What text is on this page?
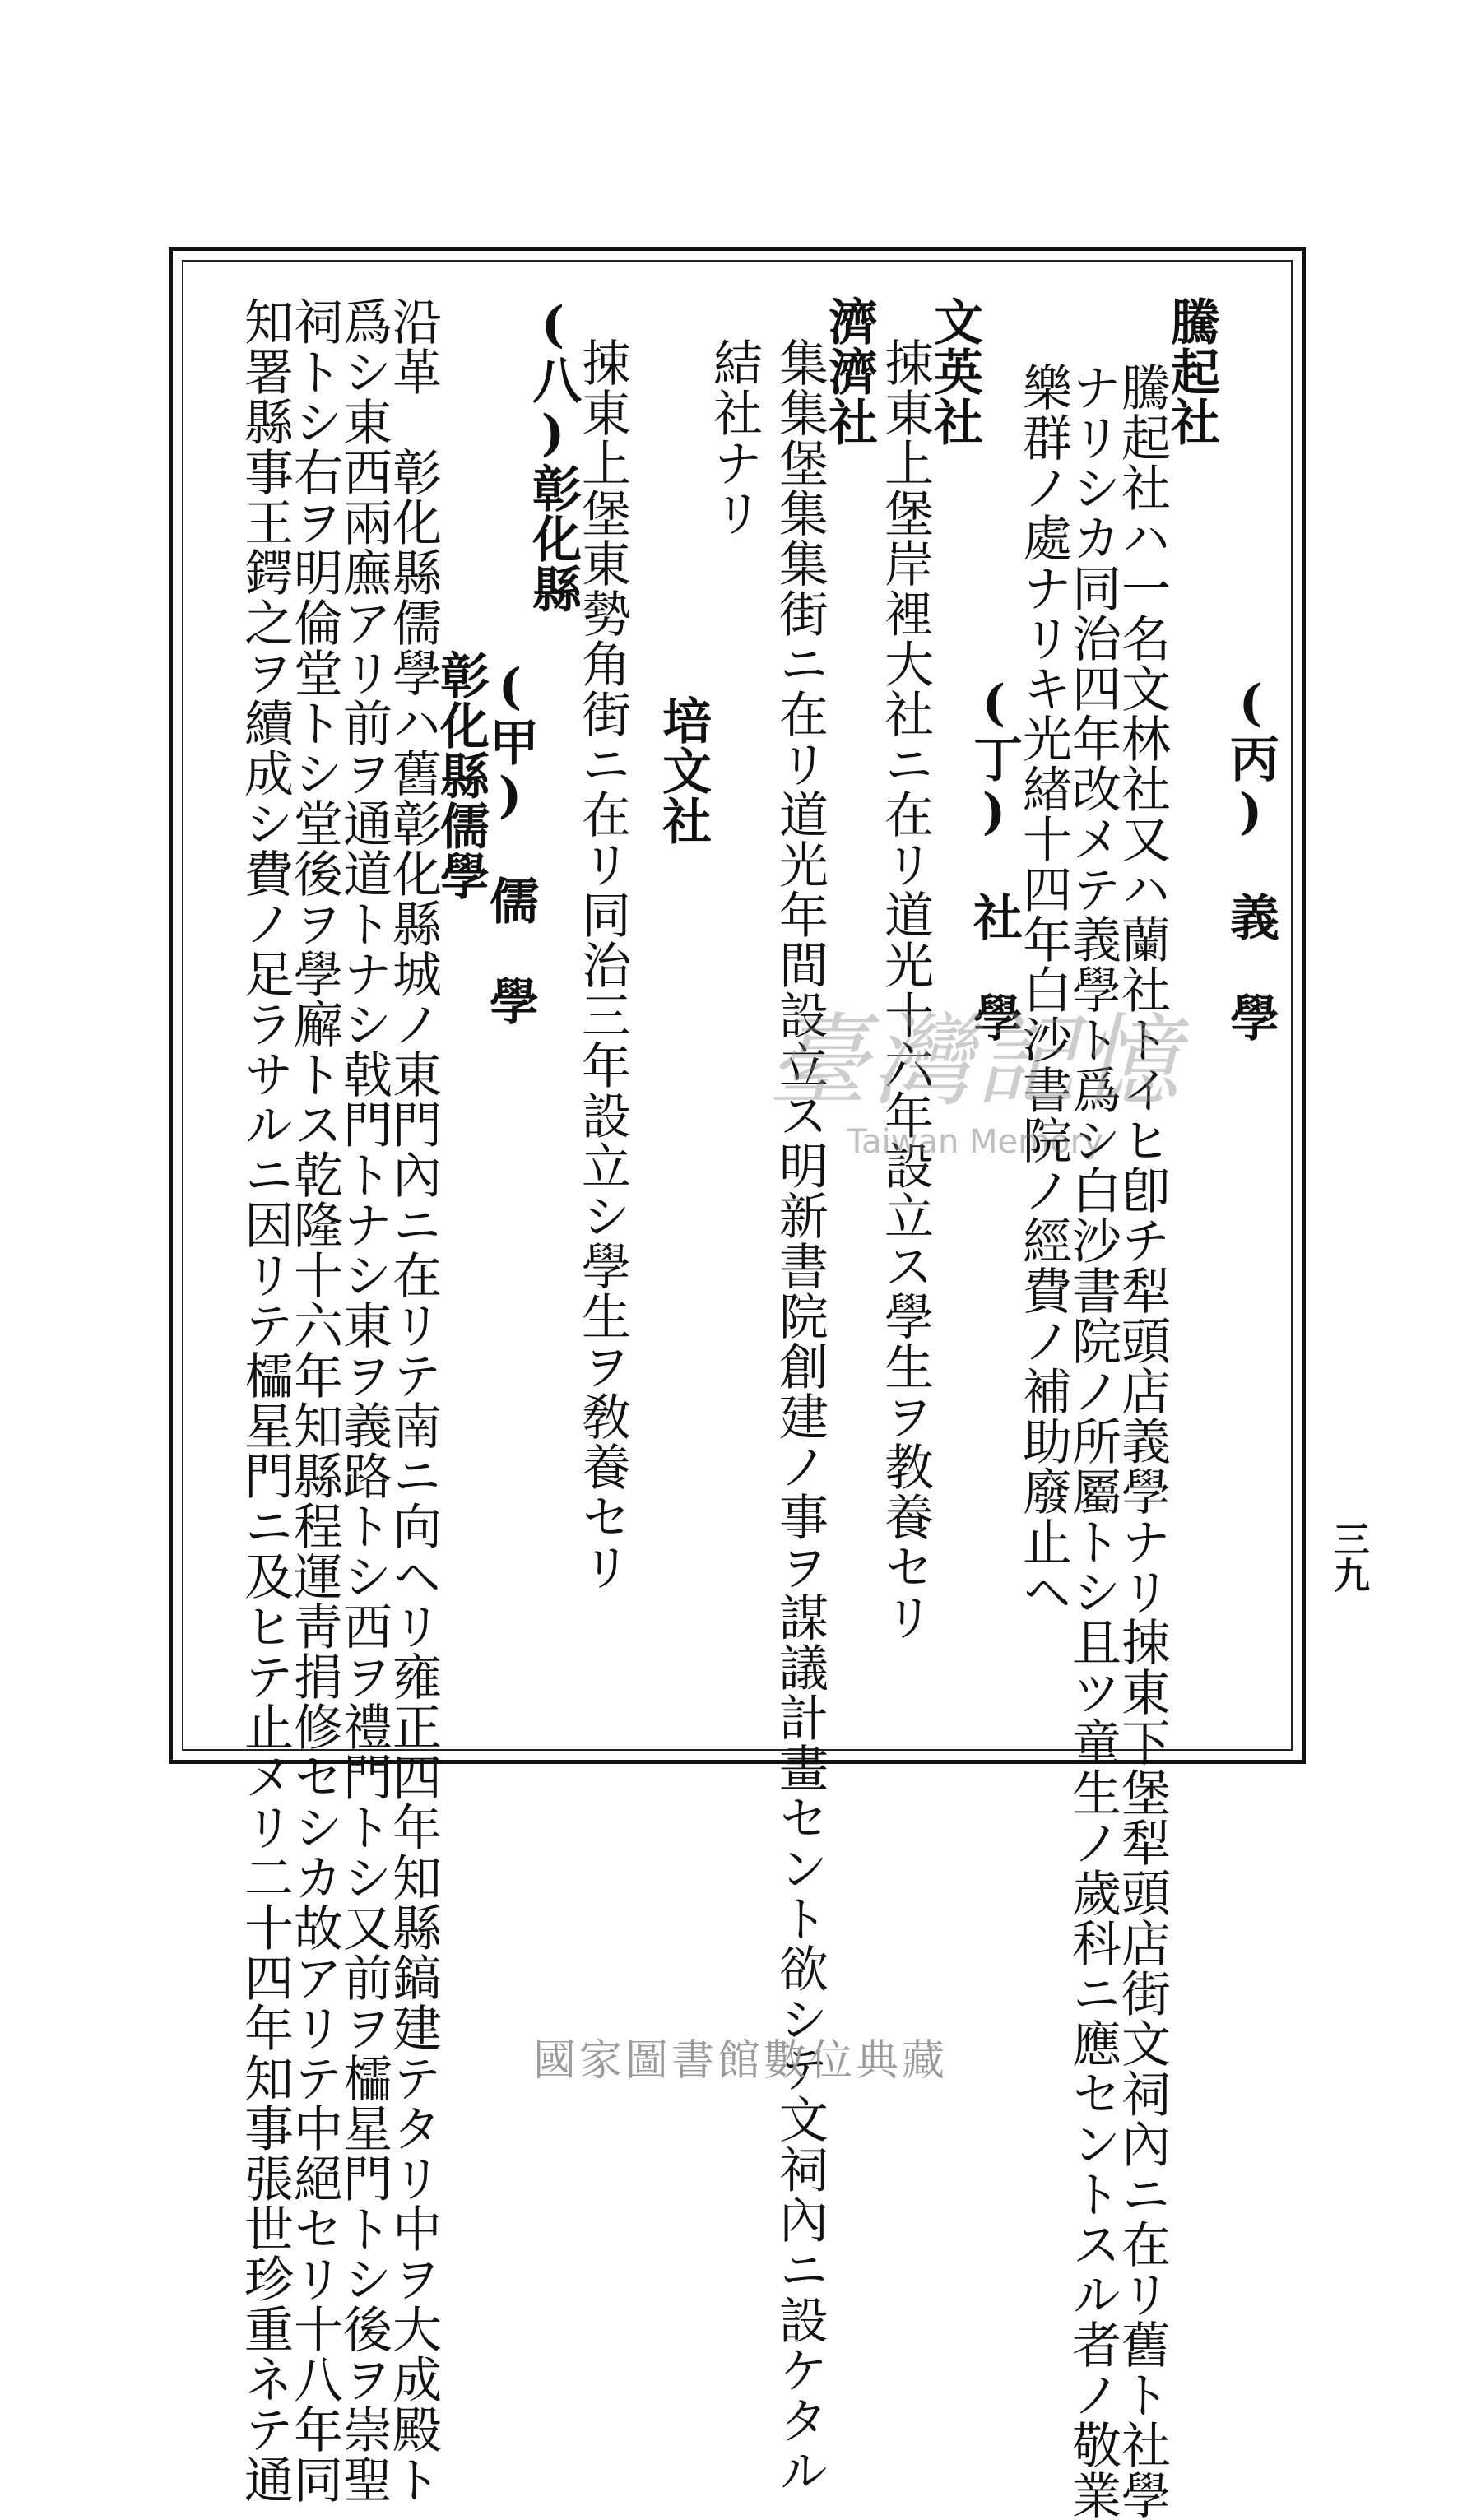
騰起社
騰起社ハ一名文林社又ハ蘭社トイヒ卽チ犁頭店義學ナリ捒東下堡犁頭店街文祠內ニ在リ舊ト社學
ナリシカ同治四年改メテ義學ト爲シ白沙書院ノ所屬トシ且ツ童生ノ歲科ニ應セントスル者ノ敬業
樂群ノ處ナリキ光緖十四年白沙書院ノ經費ノ補助廢止ヘ
文英社
捒東上堡岸裡大社ニ在リ道光十六年設立ス學生ヲ教養セリ
濟濟社
集集堡集集街ニ在リ道光年間設立ス明新書院創建ノ事ヲ謀議計畫セント欲シテ文祠內ニ設ケタル
結社ナリ
捒東上堡東勢角街ニ在リ同治三年設立シ學生ヲ敎養セリ
(八)彰化縣
沿革　彰化縣儒學ハ舊彰化縣城ノ東門內ニ在リテ南ニ向ヘリ雍正四年知縣鎬建テタリ中ヲ大成殿ト
爲シ東西兩廡アリ前ヲ通道トナシ戟門トナシ東ヲ義路トシ西ヲ禮門トシ又前ヲ櫺星門トシ後ヲ崇聖
祠トシ右ヲ明倫堂トシ堂後ヲ學廨トス乾隆十六年知縣程運靑捐修セシカ故アリテ中絕セリ十八年同
知署縣事王鍔之ヲ續成シ費ノ足ラサルニ因リテ櫺星門ニ及ヒテ止メリ二十四年知事張世珍重ネテ通	(丙)　義　學
(丁)　社　學
培文社
彰化縣儒學
(甲)　儒　學
三九
臺灣記憶
Taiwan Memory
國家圖書館數位典藏
